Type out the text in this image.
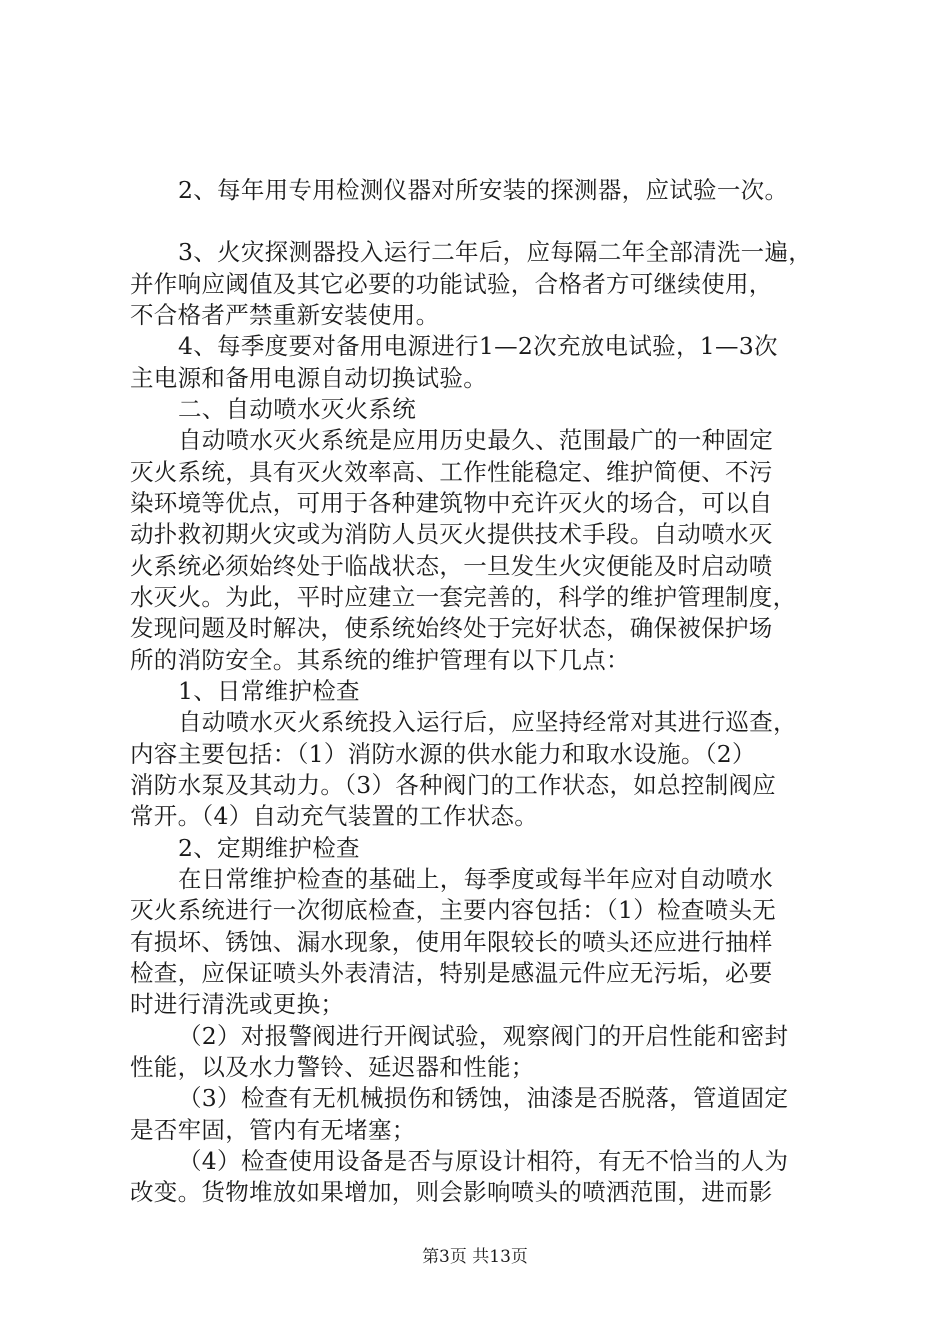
2、每年用专用检测仪器对所安装的探测器，应试验一次。
3、火灾探测器投入运行二年后，应每隔二年全部清洗一遍，
并作响应阈值及其它必要的功能试验，合格者方可继续使用，
不合格者严禁重新安装使用。
4、每季度要对备用电源进行1—2次充放电试验，1—3次
主电源和备用电源自动切换试验。
二、自动喷水灭火系统
自动喷水灭火系统是应用历史最久、范围最广的一种固定
灭火系统，具有灭火效率高、工作性能稳定、维护简便、不污
染环境等优点，可用于各种建筑物中充许灭火的场合，可以自
动扑救初期火灾或为消防人员灭火提供技术手段。自动喷水灭
火系统必须始终处于临战状态，一旦发生火灾便能及时启动喷
水灭火。为此，平时应建立一套完善的，科学的维护管理制度，
发现问题及时解决，使系统始终处于完好状态，确保被保护场
所的消防安全。其系统的维护管理有以下几点：
1、日常维护检查
自动喷水灭火系统投入运行后，应坚持经常对其进行巡查，
内容主要包括：（1）消防水源的供水能力和取水设施。（2）
消防水泵及其动力。（3）各种阀门的工作状态，如总控制阀应
常开。（4）自动充气装置的工作状态。
2、定期维护检查
在日常维护检查的基础上，每季度或每半年应对自动喷水
灭火系统进行一次彻底检查，主要内容包括：（1）检查喷头无
有损坏、锈蚀、漏水现象，使用年限较长的喷头还应进行抽样
检查，应保证喷头外表清洁，特别是感温元件应无污垢，必要
时进行清洗或更换；
（2）对报警阀进行开阀试验，观察阀门的开启性能和密封
性能，以及水力警铃、延迟器和性能；
（3）检查有无机械损伤和锈蚀，油漆是否脱落，管道固定
是否牢固，管内有无堵塞；
（4）检查使用设备是否与原设计相符，有无不恰当的人为
改变。货物堆放如果增加，则会影响喷头的喷洒范围，进而影
第3页 共13页
